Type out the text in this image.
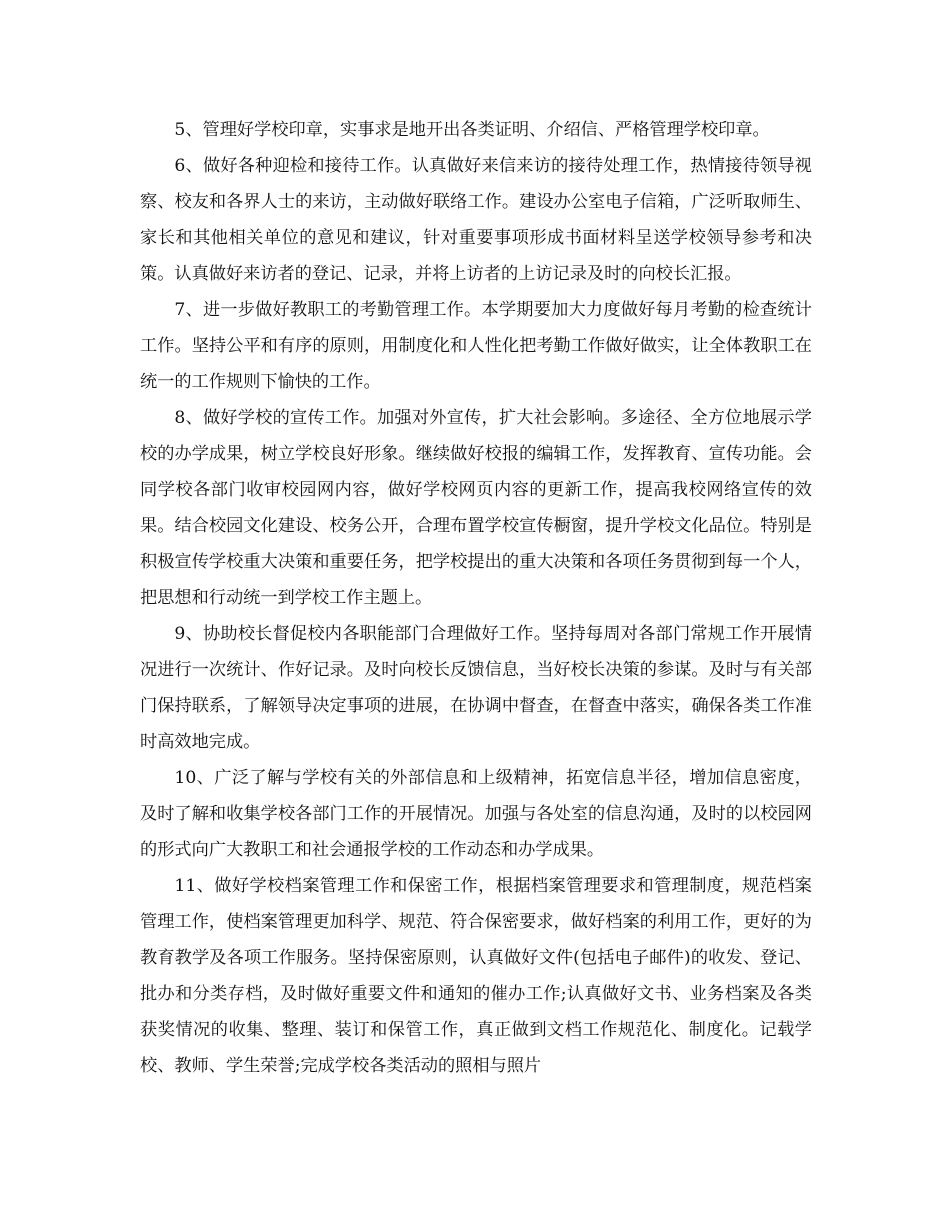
5、管理好学校印章，实事求是地开出各类证明、介绍信、严格管理学校印章。

6、做好各种迎检和接待工作。认真做好来信来访的接待处理工作，热情接待领导视察、校友和各界人士的来访，主动做好联络工作。建设办公室电子信箱，广泛听取师生、家长和其他相关单位的意见和建议，针对重要事项形成书面材料呈送学校领导参考和决策。认真做好来访者的登记、记录，并将上访者的上访记录及时的向校长汇报。

7、进一步做好教职工的考勤管理工作。本学期要加大力度做好每月考勤的检查统计工作。坚持公平和有序的原则，用制度化和人性化把考勤工作做好做实，让全体教职工在统一的工作规则下愉快的工作。

8、做好学校的宣传工作。加强对外宣传，扩大社会影响。多途径、全方位地展示学校的办学成果，树立学校良好形象。继续做好校报的编辑工作，发挥教育、宣传功能。会同学校各部门收审校园网内容，做好学校网页内容的更新工作，提高我校网络宣传的效果。结合校园文化建设、校务公开，合理布置学校宣传橱窗，提升学校文化品位。特别是积极宣传学校重大决策和重要任务，把学校提出的重大决策和各项任务贯彻到每一个人，把思想和行动统一到学校工作主题上。

9、协助校长督促校内各职能部门合理做好工作。坚持每周对各部门常规工作开展情况进行一次统计、作好记录。及时向校长反馈信息，当好校长决策的参谋。及时与有关部门保持联系，了解领导决定事项的进展，在协调中督查，在督查中落实，确保各类工作准时高效地完成。

10、广泛了解与学校有关的外部信息和上级精神，拓宽信息半径，增加信息密度，及时了解和收集学校各部门工作的开展情况。加强与各处室的信息沟通，及时的以校园网的形式向广大教职工和社会通报学校的工作动态和办学成果。

11、做好学校档案管理工作和保密工作，根据档案管理要求和管理制度，规范档案管理工作，使档案管理更加科学、规范、符合保密要求，做好档案的利用工作，更好的为教育教学及各项工作服务。坚持保密原则，认真做好文件(包括电子邮件)的收发、登记、批办和分类存档，及时做好重要文件和通知的催办工作;认真做好文书、业务档案及各类获奖情况的收集、整理、装订和保管工作，真正做到文档工作规范化、制度化。记载学校、教师、学生荣誉;完成学校各类活动的照相与照片
